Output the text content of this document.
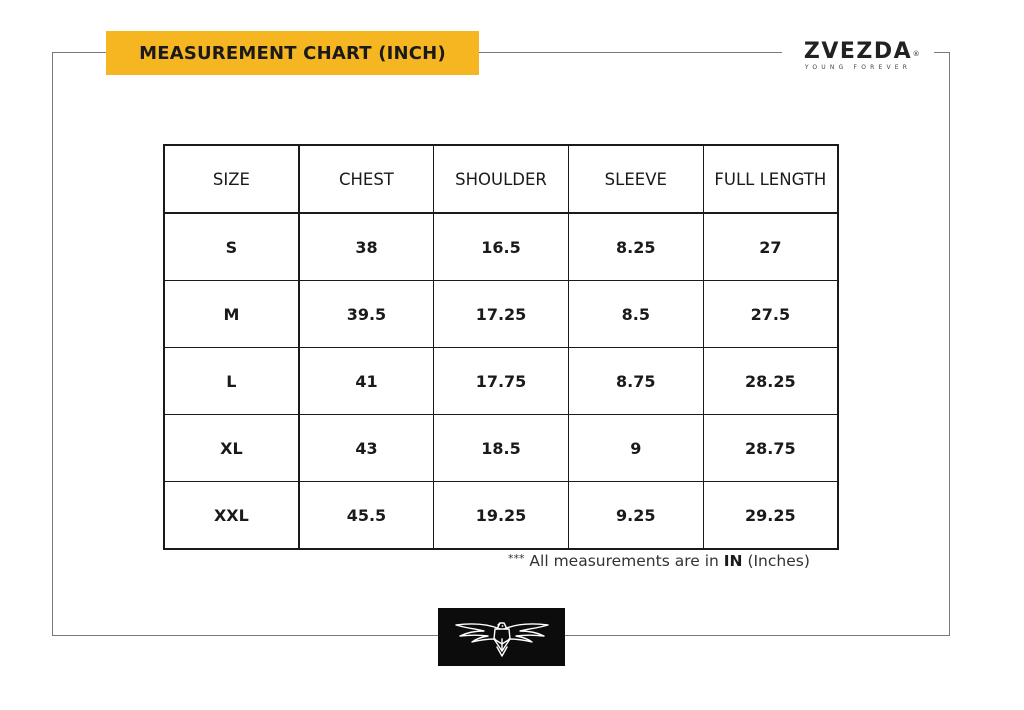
MEASUREMENT CHART (INCH)	ZVEZDA ®
YOUNG FOREVER
SIZE	CHEST	SHOULDER	SLEEVE	FULL LENGTH
S	38	16.5	8.25	27
M	39.5	17.25	8.5	27.5
L	41	17.75	8.75	28.25
XL	43	18.5	9	28.75
XXL	45.5	19.25	9.25	29.25
*** All measurements are in IN (Inches)
